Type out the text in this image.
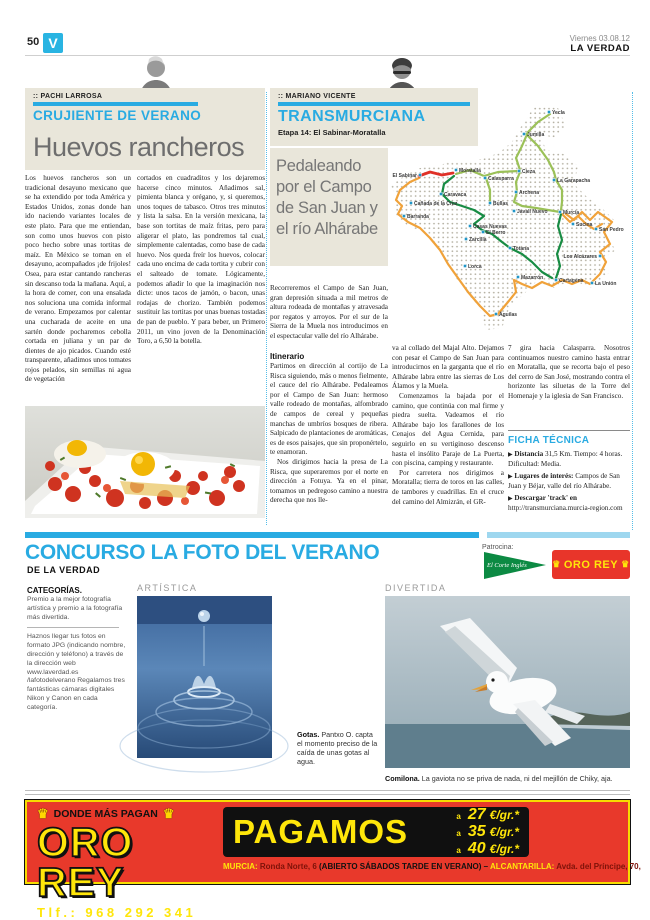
50 V	Viernes 03.08.12
LA VERDAD
:: PACHI LARROSA
CRUJIENTE DE VERANO
Huevos rancheros
Los huevos rancheros son un tradicional desayuno mexicano que se ha extendido por toda América y Estados Unidos, zonas donde han ido naciendo variantes locales de este plato. Para que me entiendan, son como unos huevos con pisto poco hecho sobre unas tortitas de maíz. En México se toman en el desayuno, acompañados ¡de frijoles! Osea, para estar cantando rancheras sin descanso toda la mañana. Aquí, a la hora de comer, con una ensalada nos soluciona una comida informal de verano. Empezamos por calentar una cucharada de aceite en una sartén donde pocharemos cebolla cortada en juliana y un par de dientes de ajo picados. Cuando esté transparente, añadimos unos tomates rojos pelados, sin semillas ni agua de vegetación
cortados en cuadraditos y los dejaremos hacerse cinco minutos. Añadimos sal, pimienta blanca y orégano, y, si queremos, unos toques de tabasco. Otros tres minutos y lista la salsa. En la versión mexicana, la base son tortitas de maíz fritas, pero para aligerar el plato, las pondremos tal cual, simplemente calentadas, como base de cada huevo. Nos queda freír los huevos, colocar cada uno encima de cada tortita y cubrir con el salteado de tomate. Lógicamente, podemos añadir lo que la imaginación nos dicte: unos tacos de jamón, o bacon, unas rodajas de chorizo. También podemos sustituir las tortitas por unas buenas tostadas de pan de pueblo. Y para beber, un Primero 2011, un vino joven de la Denominación Toro, a 6,50 la botella.
:: MARIANO VICENTE
TRANSMURCIANA
Etapa 14: El Sabinar-Moratalla
Pedaleando por el Campo de San Juan y el río Alhárabe
Recorreremos el Campo de San Juan, gran depresión situada a mil metros de altura rodeada de montañas y atravesada por regatos y arroyos. Por el sur de la Sierra de la Muela nos introducimos en el espectacular valle del río Alhárabe.
Itinerario

Partimos en dirección al cortijo de La Risca siguiendo, más o menos fielmente, el cauce del río Alhárabe. Pedaleamos por el Campo de San Juan: hermoso valle rodeado de montañas, alfombrado de campos de cereal y pequeñas manchas de umbríos bosques de ribera. Salpicado de plantaciones de aromáticas, es de esos paisajes, que sin proponértelo, te enamoran.

Nos dirigimos hacia la presa de La Risca, que superaremos por el norte en dirección a Fotuya. Ya en el pinar, tomamos un pedregoso camino a nuestra derecha que nos lle-

va al collado del Majal Alto. Dejamos con pesar el Campo de San Juan para introducirnos en la garganta que el río Alhárabe labra entre las sierras de Los Álamos y la Muela.

Comenzamos la bajada por el camino, que continúa con mal firme y piedra suelta. Vadeamos el río Alhárabe bajo los farallones de los Cenajos del Agua Cernida, para seguirlo en su vertiginoso descenso hasta el insólito Paraje de La Puerta, con piscina, camping y restaurante.

Por carretera nos dirigimos a Moratalla; tierra de toros en las calles, de tambores y cuadrillas. En el cruce del camino del Almizrán, el GR-

7 gira hacia Calasparra. Nosotros continuamos nuestro camino hasta entrar en Moratalla, que se recorta bajo el peso del cerro de San José, mostrando contra el horizonte las siluetas de la Torre del Homenaje y la iglesia de San Francisco.
FICHA TÉCNICA
▶ Distancia 31,5 Km. Tiempo: 4 horas. Dificultad: Media.
▶ Lugares de interés: Campos de San Juan y Béjar, valle del río Alhárabe.
▶ Descargar 'track' en http://transmurciana.murcia-region.com
Yecla
Jumilla
El Sabinar
Moratalla
Calasparra
Cieza
La Garapacha
Caravaca
Cañada de la Cruz
Barranda
Bullas
Archena
Javalí Nuevo	Murcia
Sucina
San Pedro
Casas Nuevas
El Berro
Zarcilla
Totana
Lorca
Los Alcázares
Mazarrón	Cartagena La Unión
Águilas
CONCURSO LA FOTO DEL VERANO
DE LA VERDAD
Patrocina:
El Corte Inglés	♛ ORO REY ♛
CATEGORÍAS.
Premio a la mejor fotografía artística y premio a la fotografía más divertida.
Haznos llegar tus fotos en formato JPG (indicando nombre, dirección y teléfono) a través de la dirección web www.laverdad.es /lafotodelverano Regalamos tres fantásticas cámaras digitales Nikon y Canon en cada categoría.
ARTÍSTICA
Gotas. Pantxo O. capta el momento preciso de la caída de unas gotas al agua.
DIVERTIDA
Comilona. La gaviota no se priva de nada, ni del mejillón de Chiky, aja.
♛ DONDE MÁS PAGAN ♛
ORO REY
Tlf.: 968 292 341
PAGAMOS	a 27 €/gr.*
a 35 €/gr.*
a 40 €/gr.*
MURCIA: Ronda Norte, 6 (ABIERTO SÁBADOS TARDE EN VERANO) – ALCANTARILLA: Avda. del Príncipe, 70,
